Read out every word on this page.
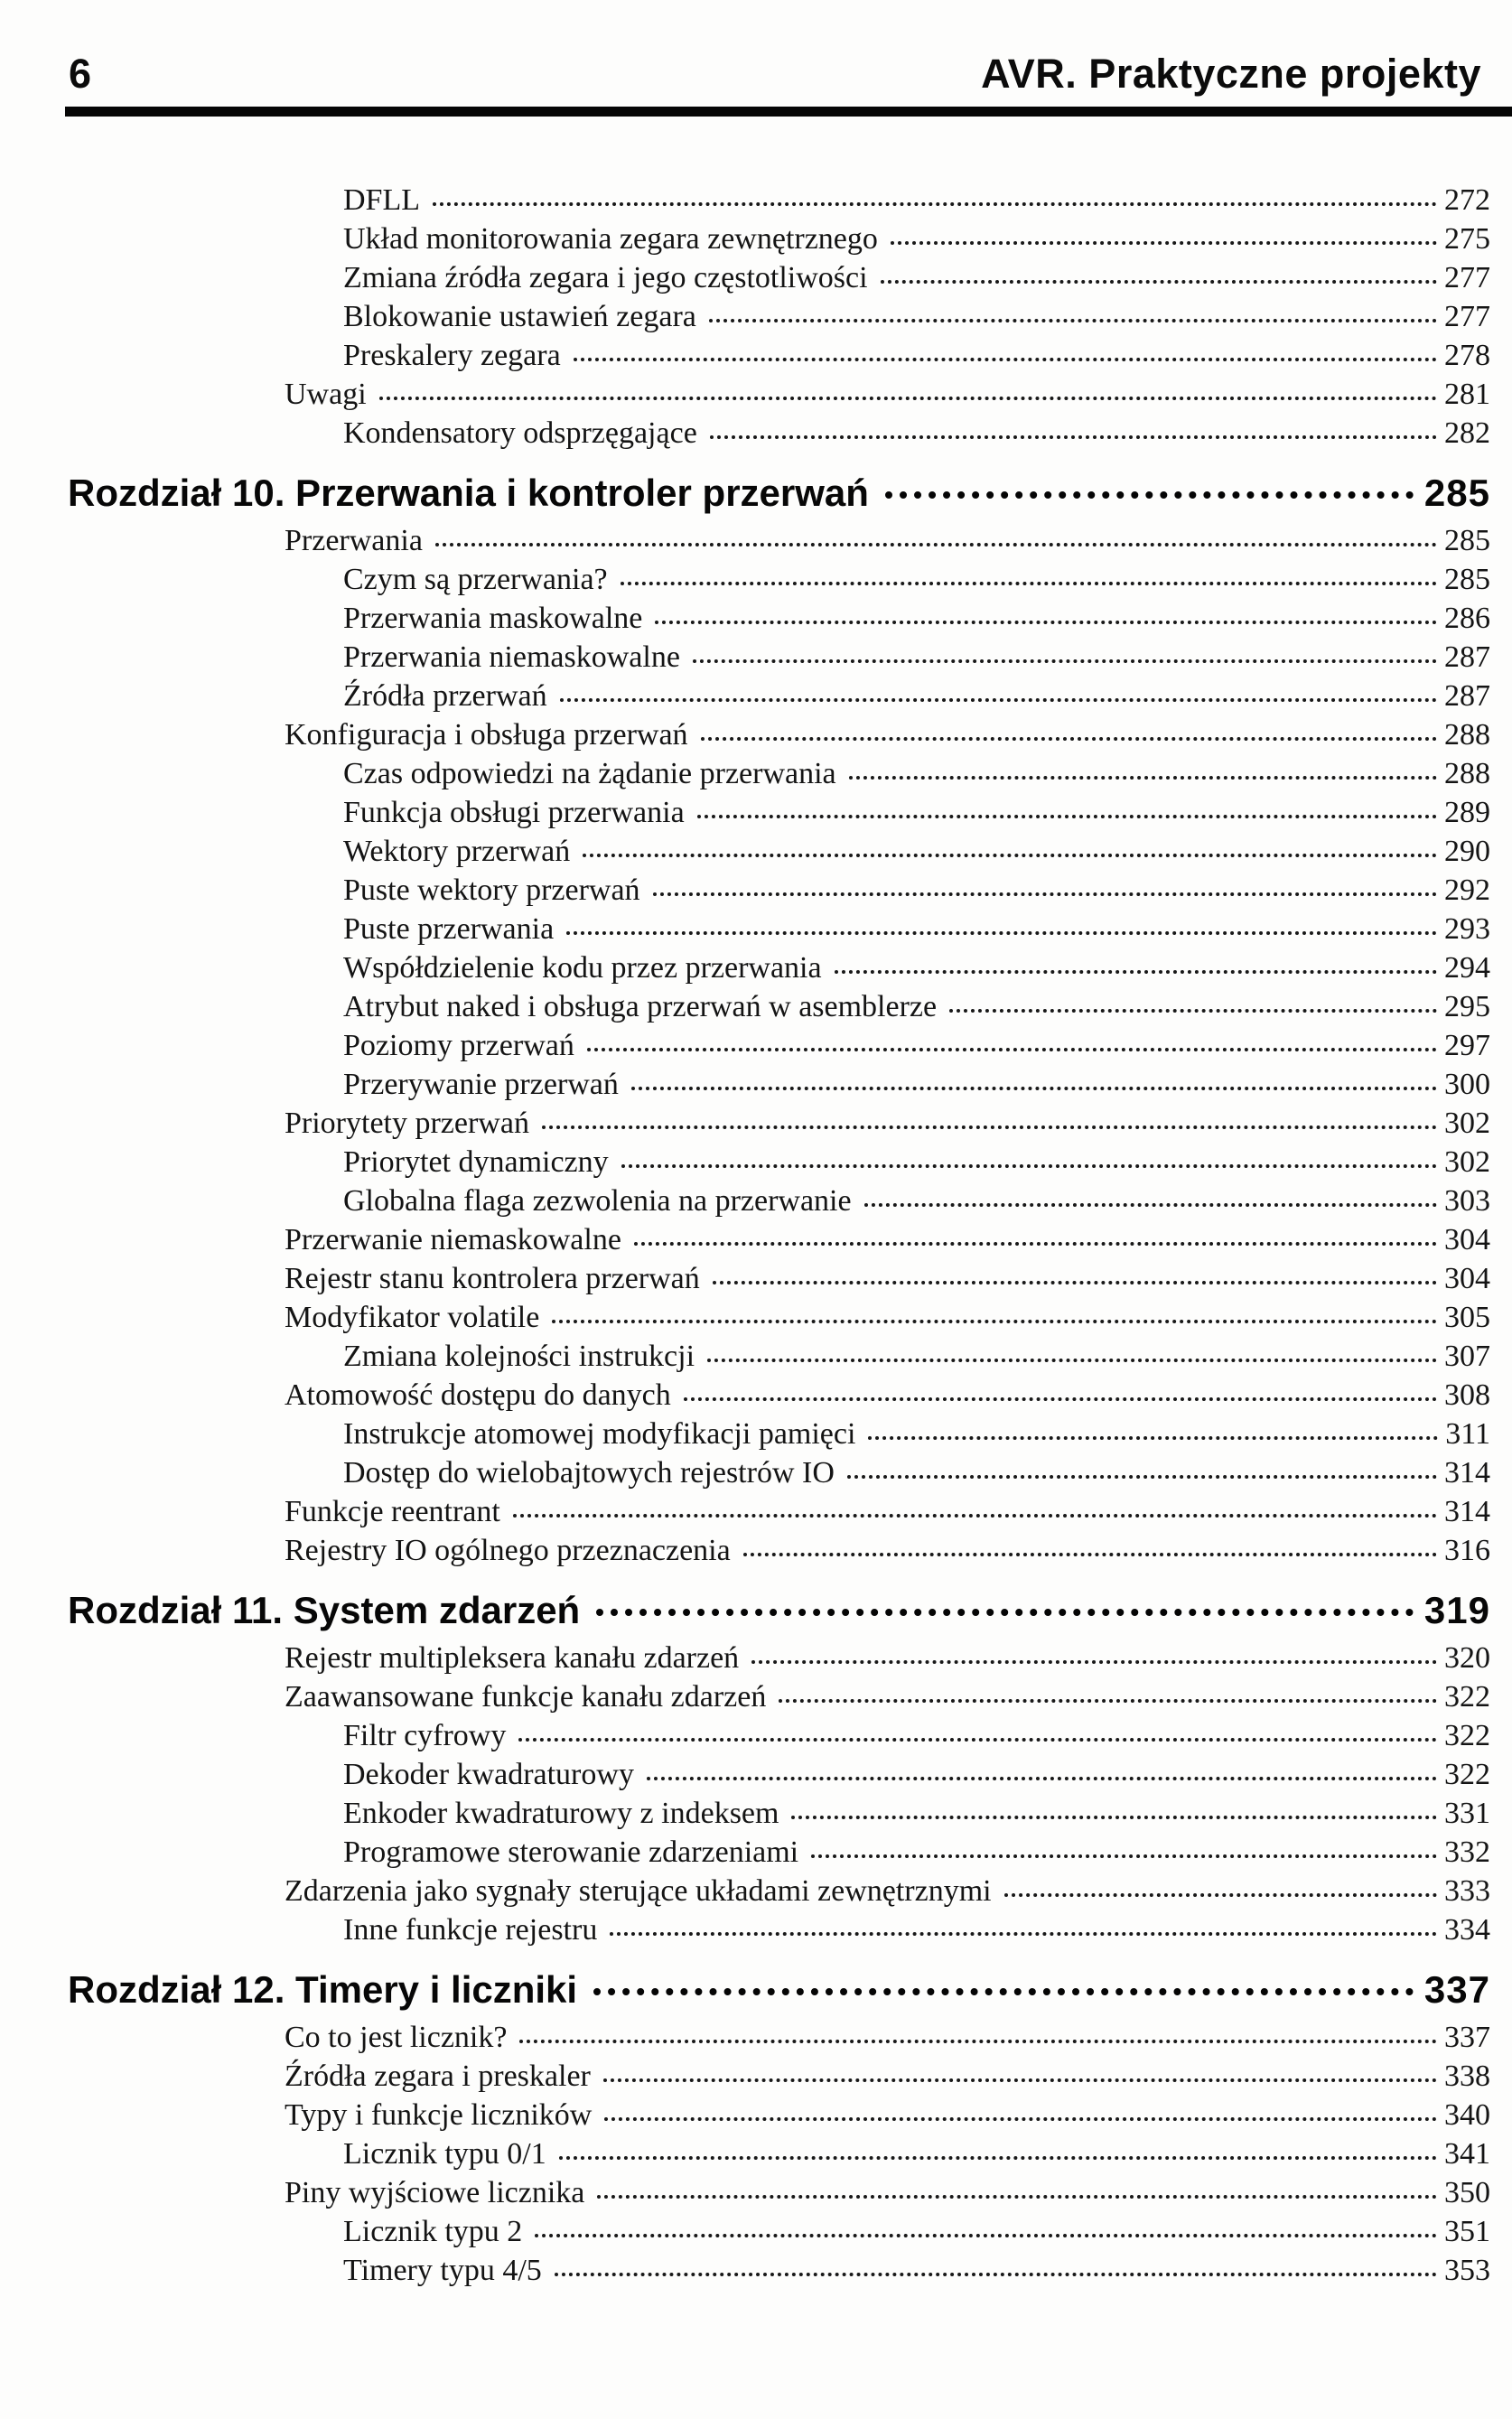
6	AVR. Praktyczne projekty
DFLL	272
Układ monitorowania zegara zewnętrznego	275
Zmiana źródła zegara i jego częstotliwości	277
Blokowanie ustawień zegara	277
Preskalery zegara	278
Uwagi	281
Kondensatory odsprzęgające	282
Rozdział 10. Przerwania i kontroler przerwań	285
Przerwania	285
Czym są przerwania?	285
Przerwania maskowalne	286
Przerwania niemaskowalne	287
Źródła przerwań	287
Konfiguracja i obsługa przerwań	288
Czas odpowiedzi na żądanie przerwania	288
Funkcja obsługi przerwania	289
Wektory przerwań	290
Puste wektory przerwań	292
Puste przerwania	293
Współdzielenie kodu przez przerwania	294
Atrybut naked i obsługa przerwań w asemblerze	295
Poziomy przerwań	297
Przerywanie przerwań	300
Priorytety przerwań	302
Priorytet dynamiczny	302
Globalna flaga zezwolenia na przerwanie	303
Przerwanie niemaskowalne	304
Rejestr stanu kontrolera przerwań	304
Modyfikator volatile	305
Zmiana kolejności instrukcji	307
Atomowość dostępu do danych	308
Instrukcje atomowej modyfikacji pamięci	311
Dostęp do wielobajtowych rejestrów IO	314
Funkcje reentrant	314
Rejestry IO ogólnego przeznaczenia	316
Rozdział 11. System zdarzeń	319
Rejestr multipleksera kanału zdarzeń	320
Zaawansowane funkcje kanału zdarzeń	322
Filtr cyfrowy	322
Dekoder kwadraturowy	322
Enkoder kwadraturowy z indeksem	331
Programowe sterowanie zdarzeniami	332
Zdarzenia jako sygnały sterujące układami zewnętrznymi	333
Inne funkcje rejestru	334
Rozdział 12. Timery i liczniki	337
Co to jest licznik?	337
Źródła zegara i preskaler	338
Typy i funkcje liczników	340
Licznik typu 0/1	341
Piny wyjściowe licznika	350
Licznik typu 2	351
Timery typu 4/5	353
